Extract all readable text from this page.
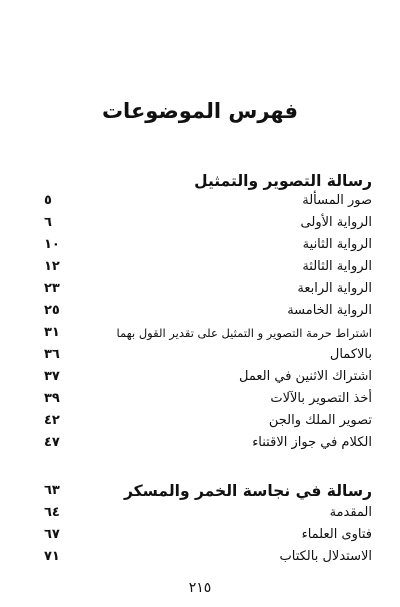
فهرس الموضوعات
رسالة التصوير والتمثيل
صور المسألة
٥
الرواية الأولى
٦
الرواية الثانية
١٠
الرواية الثالثة
١٢
الرواية الرابعة
٢٣
الرواية الخامسة
٢٥
اشتراط حرمة التصوير و التمثيل على تقدير القول بهما
٣١
بالاكمال
٣٦
اشتراك الاثنين في العمل
٣٧
أخذ التصوير بالآلات
٣٩
تصوير الملك والجن
٤٢
الكلام في جواز الاقتناء
٤٧
رسالة في نجاسة الخمر والمسكر
٦٣
المقدمة
٦٤
فتاوى العلماء
٦٧
الاستدلال بالكتاب
٧١
٢١٥
